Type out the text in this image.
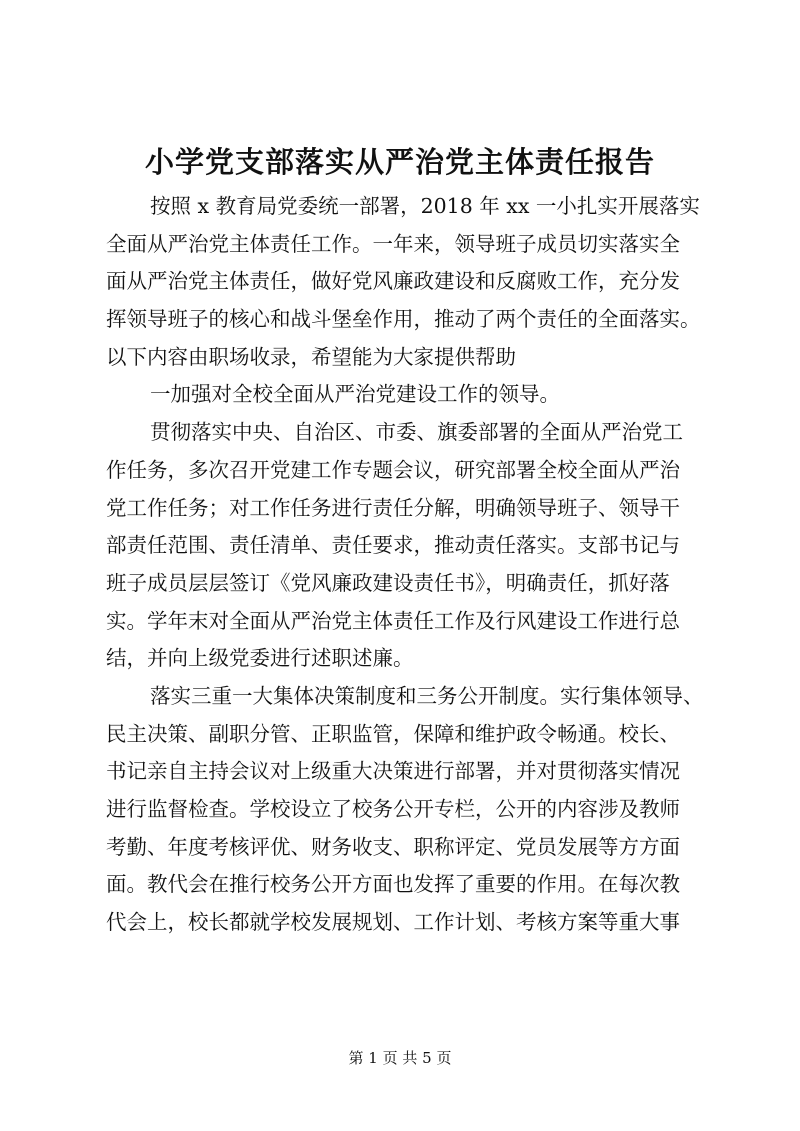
小学党支部落实从严治党主体责任报告
按照 x 教育局党委统一部署，2018 年 xx 一小扎实开展落实
全面从严治党主体责任工作。一年来，领导班子成员切实落实全
面从严治党主体责任，做好党风廉政建设和反腐败工作，充分发
挥领导班子的核心和战斗堡垒作用，推动了两个责任的全面落实。
以下内容由职场收录，希望能为大家提供帮助
一加强对全校全面从严治党建设工作的领导。
贯彻落实中央、自治区、市委、旗委部署的全面从严治党工
作任务，多次召开党建工作专题会议，研究部署全校全面从严治
党工作任务；对工作任务进行责任分解，明确领导班子、领导干
部责任范围、责任清单、责任要求，推动责任落实。支部书记与
班子成员层层签订《党风廉政建设责任书》，明确责任，抓好落
实。学年末对全面从严治党主体责任工作及行风建设工作进行总
结，并向上级党委进行述职述廉。
落实三重一大集体决策制度和三务公开制度。实行集体领导、
民主决策、副职分管、正职监管，保障和维护政令畅通。校长、
书记亲自主持会议对上级重大决策进行部署，并对贯彻落实情况
进行监督检查。学校设立了校务公开专栏，公开的内容涉及教师
考勤、年度考核评优、财务收支、职称评定、党员发展等方方面
面。教代会在推行校务公开方面也发挥了重要的作用。在每次教
代会上，校长都就学校发展规划、工作计划、考核方案等重大事
第 1 页 共 5 页
